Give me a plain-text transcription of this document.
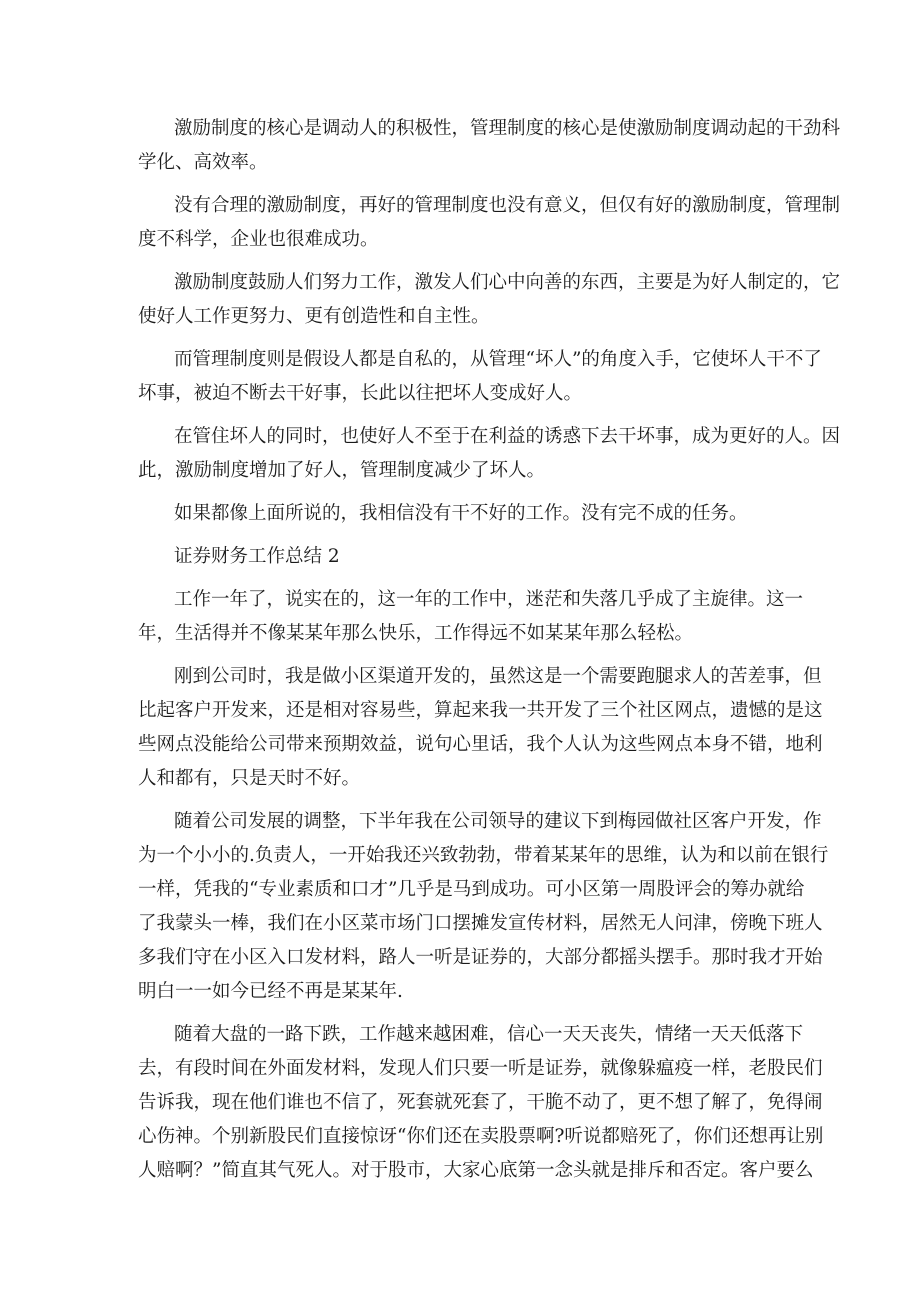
激励制度的核心是调动人的积极性，管理制度的核心是使激励制度调动起的干劲科
学化、高效率。
没有合理的激励制度，再好的管理制度也没有意义，但仅有好的激励制度，管理制
度不科学，企业也很难成功。
激励制度鼓励人们努力工作，激发人们心中向善的东西，主要是为好人制定的，它
使好人工作更努力、更有创造性和自主性。
而管理制度则是假设人都是自私的，从管理“坏人”的角度入手，它使坏人干不了
坏事，被迫不断去干好事，长此以往把坏人变成好人。
在管住坏人的同时，也使好人不至于在利益的诱惑下去干坏事，成为更好的人。因
此，激励制度增加了好人，管理制度减少了坏人。
如果都像上面所说的，我相信没有干不好的工作。没有完不成的任务。
证券财务工作总结 2
工作一年了，说实在的，这一年的工作中，迷茫和失落几乎成了主旋律。这一
年，生活得并不像某某年那么快乐，工作得远不如某某年那么轻松。
刚到公司时，我是做小区渠道开发的，虽然这是一个需要跑腿求人的苦差事，但
比起客户开发来，还是相对容易些，算起来我一共开发了三个社区网点，遗憾的是这
些网点没能给公司带来预期效益，说句心里话，我个人认为这些网点本身不错，地利
人和都有，只是天时不好。
随着公司发展的调整，下半年我在公司领导的建议下到梅园做社区客户开发，作
为一个小小的.负责人，一开始我还兴致勃勃，带着某某年的思维，认为和以前在银行
一样，凭我的“专业素质和口才”几乎是马到成功。可小区第一周股评会的筹办就给
了我蒙头一棒，我们在小区菜市场门口摆摊发宣传材料，居然无人问津，傍晚下班人
多我们守在小区入口发材料，路人一听是证券的，大部分都摇头摆手。那时我才开始
明白一一如今已经不再是某某年.
随着大盘的一路下跌，工作越来越困难，信心一天天丧失，情绪一天天低落下
去，有段时间在外面发材料，发现人们只要一听是证券，就像躲瘟疫一样，老股民们
告诉我，现在他们谁也不信了，死套就死套了，干脆不动了，更不想了解了，免得闹
心伤神。个别新股民们直接惊讶“你们还在卖股票啊?听说都赔死了，你们还想再让别
人赔啊？”简直其气死人。对于股市，大家心底第一念头就是排斥和否定。客户要么
